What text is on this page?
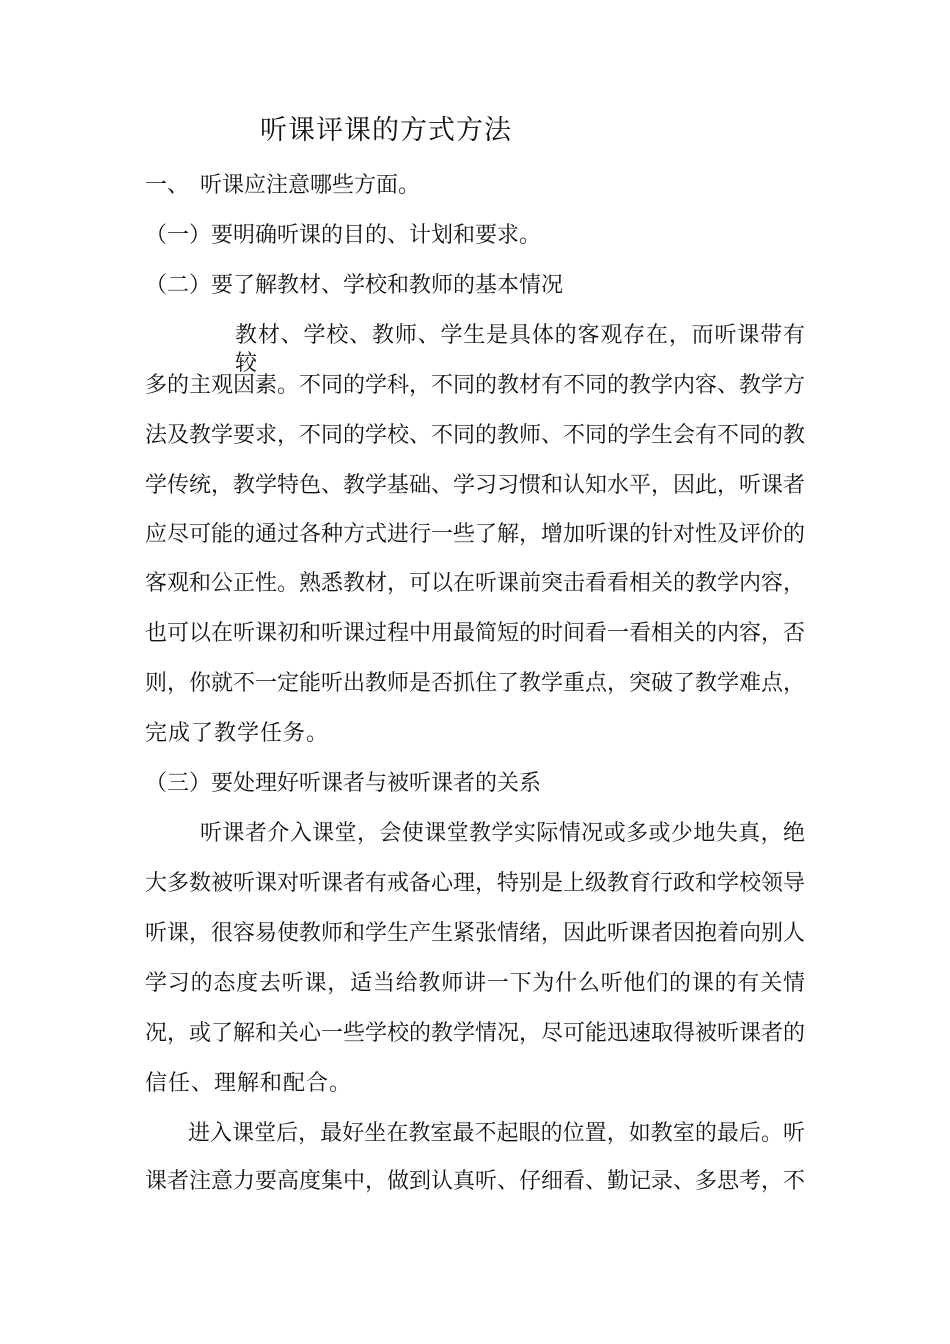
听课评课的方式方法
一、 听课应注意哪些方面。
（一）要明确听课的目的、计划和要求。
（二）要了解教材、学校和教师的基本情况
教材、学校、教师、学生是具体的客观存在，而听课带有较
多的主观因素。不同的学科，不同的教材有不同的教学内容、教学方
法及教学要求，不同的学校、不同的教师、不同的学生会有不同的教
学传统，教学特色、教学基础、学习习惯和认知水平，因此，听课者
应尽可能的通过各种方式进行一些了解，增加听课的针对性及评价的
客观和公正性。熟悉教材，可以在听课前突击看看相关的教学内容，
也可以在听课初和听课过程中用最简短的时间看一看相关的内容，否
则，你就不一定能听出教师是否抓住了教学重点，突破了教学难点，
完成了教学任务。
（三）要处理好听课者与被听课者的关系
听课者介入课堂，会使课堂教学实际情况或多或少地失真，绝
大多数被听课对听课者有戒备心理，特别是上级教育行政和学校领导
听课，很容易使教师和学生产生紧张情绪，因此听课者因抱着向别人
学习的态度去听课，适当给教师讲一下为什么听他们的课的有关情
况，或了解和关心一些学校的教学情况，尽可能迅速取得被听课者的
信任、理解和配合。
进入课堂后，最好坐在教室最不起眼的位置，如教室的最后。听
课者注意力要高度集中，做到认真听、仔细看、勤记录、多思考，不
